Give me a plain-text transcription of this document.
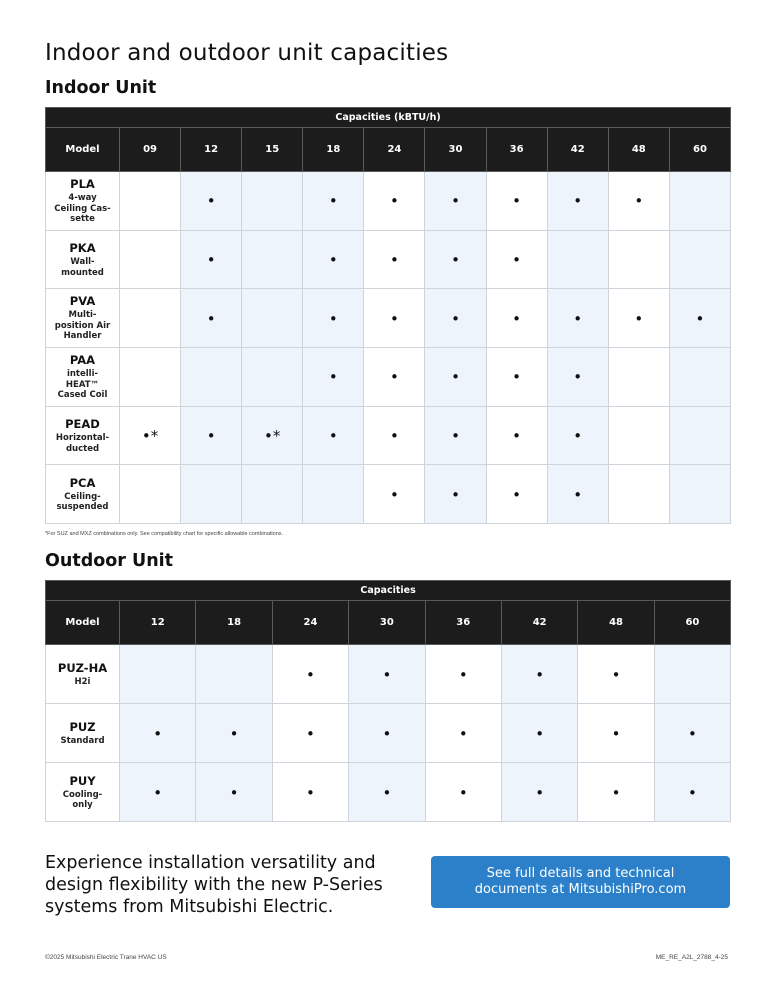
Indoor and outdoor unit capacities
Indoor Unit
Capacities (kBTU/h)										
Model	09	12	15	18	24	30	36	42	48	60

PLA
4-way Ceiling Cas-sette		•		•	•	•	•	•	•	

PKA
Wall-mounted		•		•	•	•	•			

PVA
Multi-position Air Handler		•		•	•	•	•	•	•	•

PAA
intelli-HEAT™ Cased Coil				•	•	•	•	•		

PEAD
Horizontal-ducted	•*	•	•*	•	•	•	•	•		

PCA
Ceiling-suspended					•	•	•	•		
*For SUZ and MXZ combinations only. See compatibility chart for specific allowable combinations.
Outdoor Unit
Capacities								
Model	12	18	24	30	36	42	48	60

PUZ-HA
H2i			•	•	•	•	•	

PUZ
Standard	•	•	•	•	•	•	•	•

PUY
Cooling-only	•	•	•	•	•	•	•	•
Experience installation versatility and design flexibility with the new P-Series systems from Mitsubishi Electric.
See full details and technical
documents at MitsubishiPro.com
©2025 Mitsubishi Electric Trane HVAC US	ME_RE_A2L_2788_4-25
